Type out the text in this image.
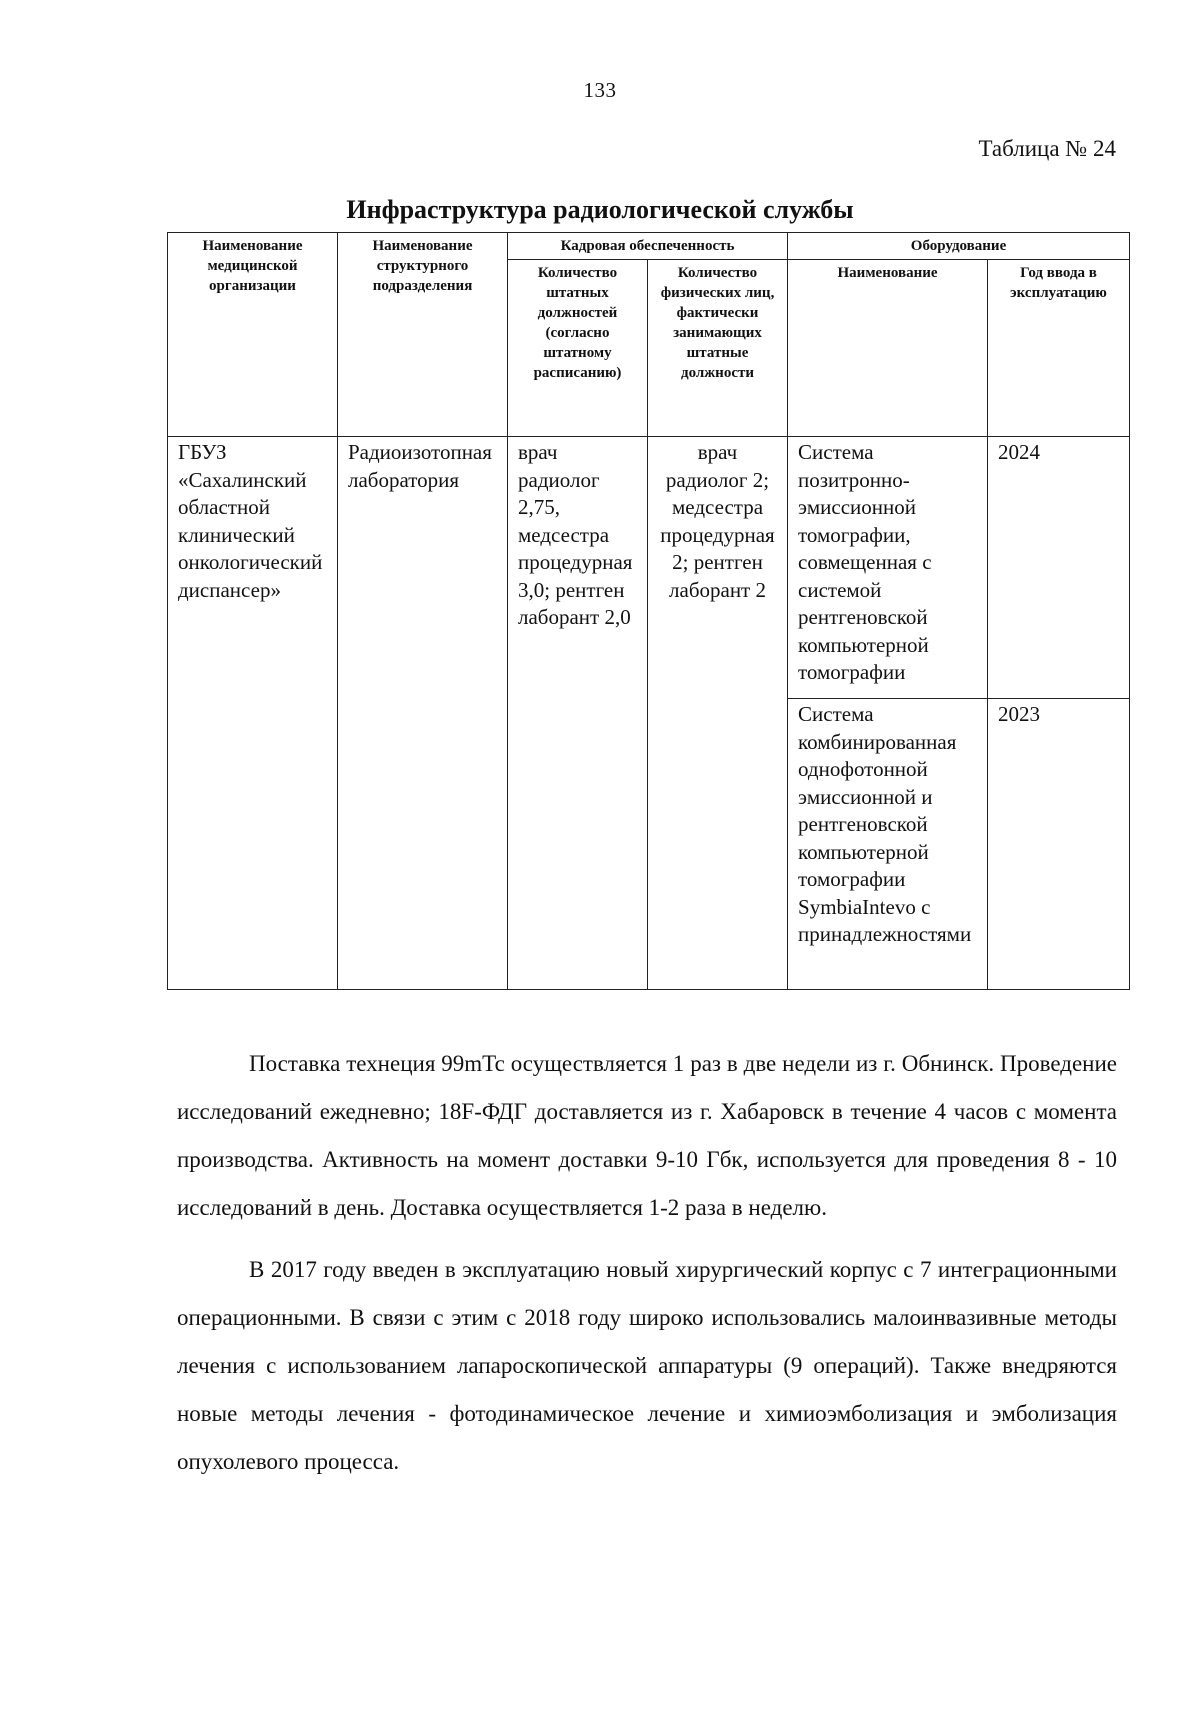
133
Таблица № 24
Инфраструктура радиологической службы
Наименование медицинской организации	Наименование структурного подразделения	Кадровая обеспеченность		Оборудование	
		Количество штатных должностей (согласно штатному расписанию)	Количество физических лиц, фактически занимающих штатные должности	Наименование	Год ввода в эксплуатацию
ГБУЗ «Сахалинский областной клинический онкологический диспансер»	Радиоизотопная лаборатория	врач радиолог 2,75, медсестра процедурная 3,0; рентген лаборант 2,0	врач радиолог 2; медсестра процедурная 2; рентген лаборант 2	Система позитронно-эмиссионной томографии, совмещенная с системой рентгеновской компьютерной томографии	2024
				Система комбинированная однофотонной эмиссионной и рентгеновской компьютерной томографии SymbiaIntevo с принадлежностями	2023

Поставка технеция 99mTc осуществляется 1 раз в две недели из г. Обнинск. Проведение исследований ежедневно; 18F-ФДГ доставляется из г. Хабаровск в течение 4 часов с момента производства. Активность на момент доставки 9-10 Гбк, используется для проведения 8 - 10 исследований в день. Доставка осуществляется 1-2 раза в неделю.

В 2017 году введен в эксплуатацию новый хирургический корпус с 7 интеграционными операционными. В связи с этим с 2018 году широко использовались малоинвазивные методы лечения с использованием лапароскопической аппаратуры (9 операций). Также внедряются новые методы лечения - фотодинамическое лечение и химиоэмболизация и эмболизация опухолевого процесса.
